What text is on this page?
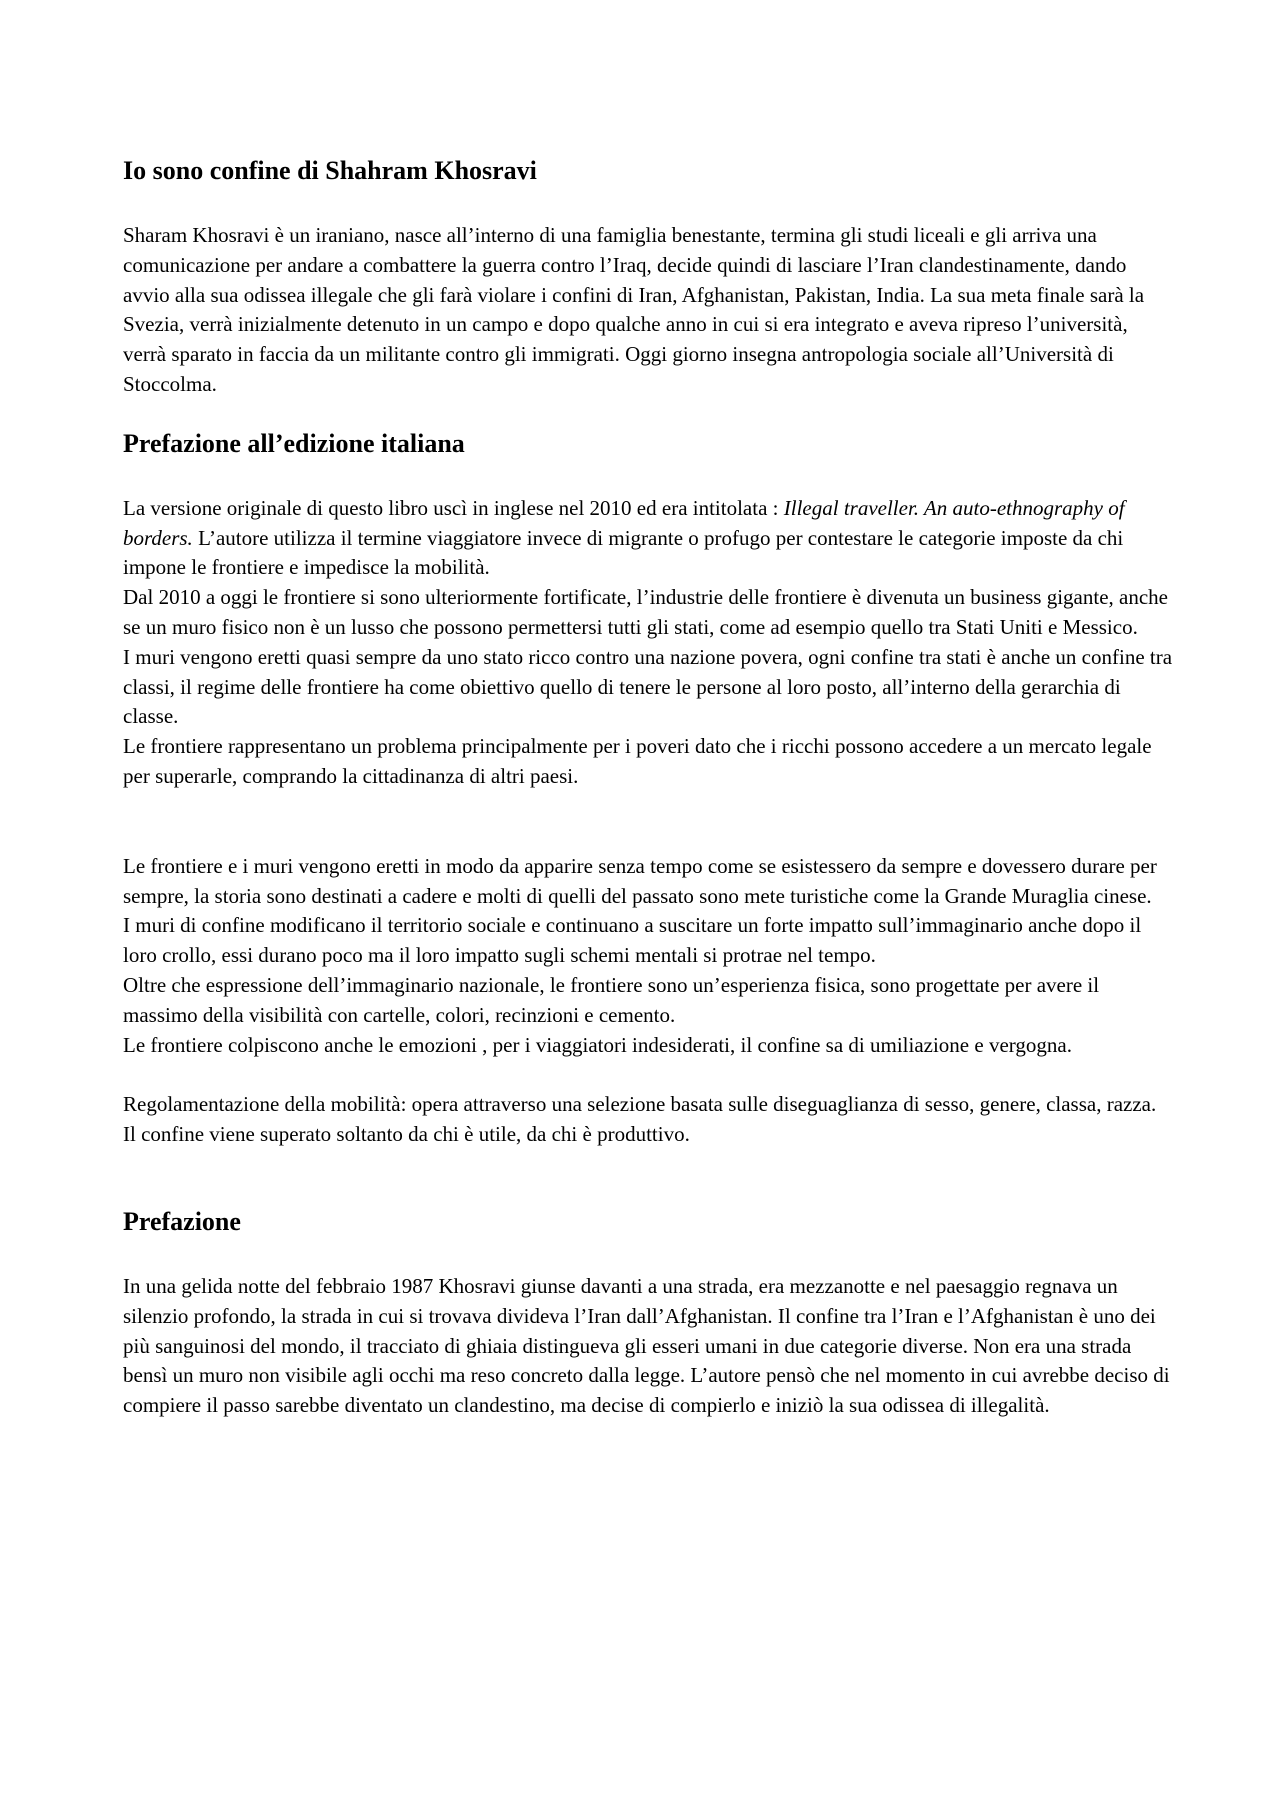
Io sono confine di Shahram Khosravi

Sharam Khosravi è un iraniano, nasce all’interno di una famiglia benestante, termina gli studi liceali e gli arriva una comunicazione per andare a combattere la guerra contro l’Iraq, decide quindi di lasciare l’Iran clandestinamente, dando avvio alla sua odissea illegale che gli farà violare i confini di Iran, Afghanistan, Pakistan, India. La sua meta finale sarà la Svezia, verrà inizialmente detenuto in un campo e dopo qualche anno in cui si era integrato e aveva ripreso l’università, verrà sparato in faccia da un militante contro gli immigrati. Oggi giorno insegna antropologia sociale all’Università di Stoccolma.

Prefazione all’edizione italiana

La versione originale di questo libro uscì in inglese nel 2010 ed era intitolata : Illegal traveller. An auto-ethnography of borders. L’autore utilizza il termine viaggiatore invece di migrante o profugo per contestare le categorie imposte da chi impone le frontiere e impedisce la mobilità.

Dal 2010 a oggi le frontiere si sono ulteriormente fortificate, l’industrie delle frontiere è divenuta un business gigante, anche se un muro fisico non è un lusso che possono permettersi tutti gli stati, come ad esempio quello tra Stati Uniti e Messico.

I muri vengono eretti quasi sempre da uno stato ricco contro una nazione povera, ogni confine tra stati è anche un confine tra classi, il regime delle frontiere ha come obiettivo quello di tenere le persone al loro posto, all’interno della gerarchia di classe.

Le frontiere rappresentano un problema principalmente per i poveri dato che i ricchi possono accedere a un mercato legale per superarle, comprando la cittadinanza di altri paesi.

Le frontiere e i muri vengono eretti in modo da apparire senza tempo come se esistessero da sempre e dovessero durare per sempre, la storia sono destinati a cadere e molti di quelli del passato sono mete turistiche come la Grande Muraglia cinese.

I muri di confine modificano il territorio sociale e continuano a suscitare un forte impatto sull’immaginario anche dopo il loro crollo, essi durano poco ma il loro impatto sugli schemi mentali si protrae nel tempo.

Oltre che espressione dell’immaginario nazionale, le frontiere sono un’esperienza fisica, sono progettate per avere il massimo della visibilità con cartelle, colori, recinzioni e cemento.

Le frontiere colpiscono anche le emozioni , per i viaggiatori indesiderati, il confine sa di umiliazione e vergogna.

Regolamentazione della mobilità: opera attraverso una selezione basata sulle diseguaglianza di sesso, genere, classa, razza. Il confine viene superato soltanto da chi è utile, da chi è produttivo.

Prefazione

In una gelida notte del febbraio 1987 Khosravi giunse davanti a una strada, era mezzanotte e nel paesaggio regnava un silenzio profondo, la strada in cui si trovava divideva l’Iran dall’Afghanistan. Il confine tra l’Iran e l’Afghanistan è uno dei più sanguinosi del mondo, il tracciato di ghiaia distingueva gli esseri umani in due categorie diverse. Non era una strada bensì un muro non visibile agli occhi ma reso concreto dalla legge. L’autore pensò che nel momento in cui avrebbe deciso di compiere il passo sarebbe diventato un clandestino, ma decise di compierlo e iniziò la sua odissea di illegalità.
